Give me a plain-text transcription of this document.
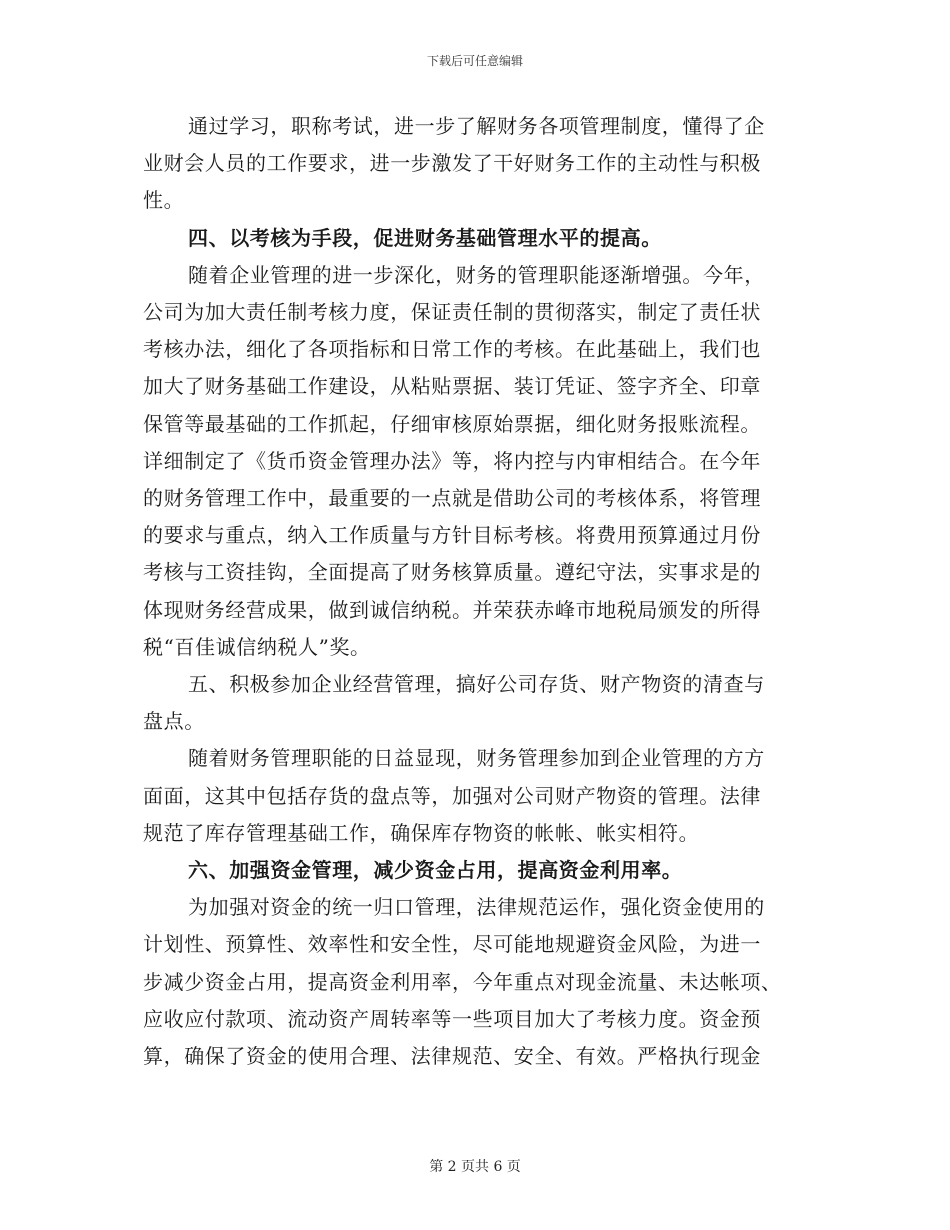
下载后可任意编辑
通过学习，职称考试，进一步了解财务各项管理制度，懂得了企
业财会人员的工作要求，进一步激发了干好财务工作的主动性与积极
性。
四、以考核为手段，促进财务基础管理水平的提高。
随着企业管理的进一步深化，财务的管理职能逐渐增强。今年，
公司为加大责任制考核力度，保证责任制的贯彻落实，制定了责任状
考核办法，细化了各项指标和日常工作的考核。在此基础上，我们也
加大了财务基础工作建设，从粘贴票据、装订凭证、签字齐全、印章
保管等最基础的工作抓起，仔细审核原始票据，细化财务报账流程。
详细制定了《货币资金管理办法》等，将内控与内审相结合。在今年
的财务管理工作中，最重要的一点就是借助公司的考核体系，将管理
的要求与重点，纳入工作质量与方针目标考核。将费用预算通过月份
考核与工资挂钩，全面提高了财务核算质量。遵纪守法，实事求是的
体现财务经营成果，做到诚信纳税。并荣获赤峰市地税局颁发的所得
税“百佳诚信纳税人”奖。
五、积极参加企业经营管理，搞好公司存货、财产物资的清查与
盘点。
随着财务管理职能的日益显现，财务管理参加到企业管理的方方
面面，这其中包括存货的盘点等，加强对公司财产物资的管理。法律
规范了库存管理基础工作，确保库存物资的帐帐、帐实相符。
六、加强资金管理，减少资金占用，提高资金利用率。
为加强对资金的统一归口管理，法律规范运作，强化资金使用的
计划性、预算性、效率性和安全性，尽可能地规避资金风险，为进一
步减少资金占用，提高资金利用率，今年重点对现金流量、未达帐项、
应收应付款项、流动资产周转率等一些项目加大了考核力度。资金预
算，确保了资金的使用合理、法律规范、安全、有效。严格执行现金
第 2 页共 6 页
